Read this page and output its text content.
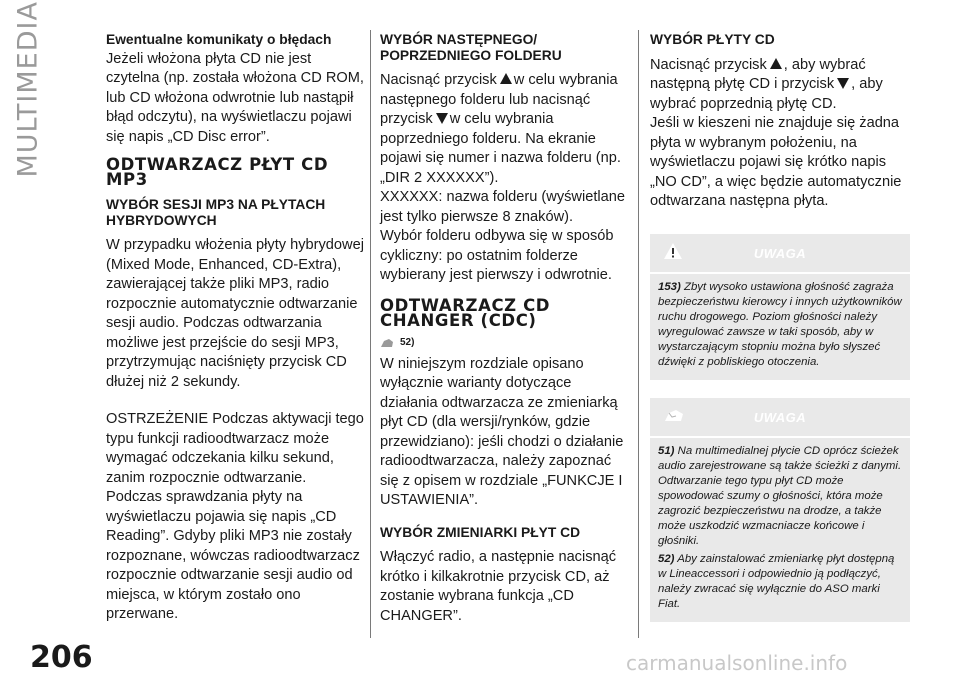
MULTIMEDIA
206
Ewentualne komunikaty o błędach

Jeżeli włożona płyta CD nie jest czytelna (np. została włożona CD ROM, lub CD włożona odwrotnie lub nastąpił błąd odczytu), na wyświetlaczu pojawi się napis „CD Disc error”.

ODTWARZACZ PŁYT CD MP3
WYBÓR SESJI MP3 NA PŁYTACH HYBRYDOWYCH

W przypadku włożenia płyty hybrydowej (Mixed Mode, Enhanced, CD-Extra), zawierającej także pliki MP3, radio rozpocznie automatycznie odtwarzanie sesji audio. Podczas odtwarzania możliwe jest przejście do sesji MP3, przytrzymując naciśnięty przycisk CD dłużej niż 2 sekundy.

OSTRZEŻENIE Podczas aktywacji tego typu funkcji radioodtwarzacz może wymagać odczekania kilku sekund, zanim rozpocznie odtwarzanie. Podczas sprawdzania płyty na wyświetlaczu pojawia się napis „CD Reading”. Gdyby pliki MP3 nie zostały rozpoznane, wówczas radioodtwarzacz rozpocznie odtwarzanie sesji audio od miejsca, w którym zostało ono przerwane.

WYBÓR NASTĘPNEGO/ POPRZEDNIEGO FOLDERU

Nacisnąć przycisk w celu wybrania następnego folderu lub nacisnąć przycisk w celu wybrania poprzedniego folderu. Na ekranie pojawi się numer i nazwa folderu (np. „DIR 2 XXXXXX”).

XXXXXX: nazwa folderu (wyświetlane jest tylko pierwsze 8 znaków).

Wybór folderu odbywa się w sposób cykliczny: po ostatnim folderze wybierany jest pierwszy i odwrotnie.

ODTWARZACZ CD CHANGER (CDC)
52)

W niniejszym rozdziale opisano wyłącznie warianty dotyczące działania odtwarzacza ze zmieniarką płyt CD (dla wersji/rynków, gdzie przewidziano): jeśli chodzi o działanie radioodtwarzacza, należy zapoznać się z opisem w rozdziale „FUNKCJE I USTAWIENIA”.

WYBÓR ZMIENIARKI PŁYT CD

Włączyć radio, a następnie nacisnąć krótko i kilkakrotnie przycisk CD, aż zostanie wybrana funkcja „CD CHANGER”.

WYBÓR PŁYTY CD

Nacisnąć przycisk , aby wybrać następną płytę CD i przycisk , aby wybrać poprzednią płytę CD.

Jeśli w kieszeni nie znajduje się żadna płyta w wybranym położeniu, na wyświetlaczu pojawi się krótko napis „NO CD”, a więc będzie automatycznie odtwarzana następna płyta.

UWAGA

153) Zbyt wysoko ustawiona głośność zagraża bezpieczeństwu kierowcy i innych użytkowników ruchu drogowego. Poziom głośności należy wyregulować zawsze w taki sposób, aby w wystarczającym stopniu można było słyszeć dźwięki z pobliskiego otoczenia.

UWAGA

51) Na multimedialnej płycie CD oprócz ścieżek audio zarejestrowane są także ścieżki z danymi. Odtwarzanie tego typu płyt CD może spowodować szumy o głośności, która może zagrozić bezpieczeństwu na drodze, a także może uszkodzić wzmacniacze końcowe i głośniki.

52) Aby zainstalować zmieniarkę płyt dostępną w Lineaccessori i odpowiednio ją podłączyć, należy zwracać się wyłącznie do ASO marki Fiat.

carmanualsonline.info
